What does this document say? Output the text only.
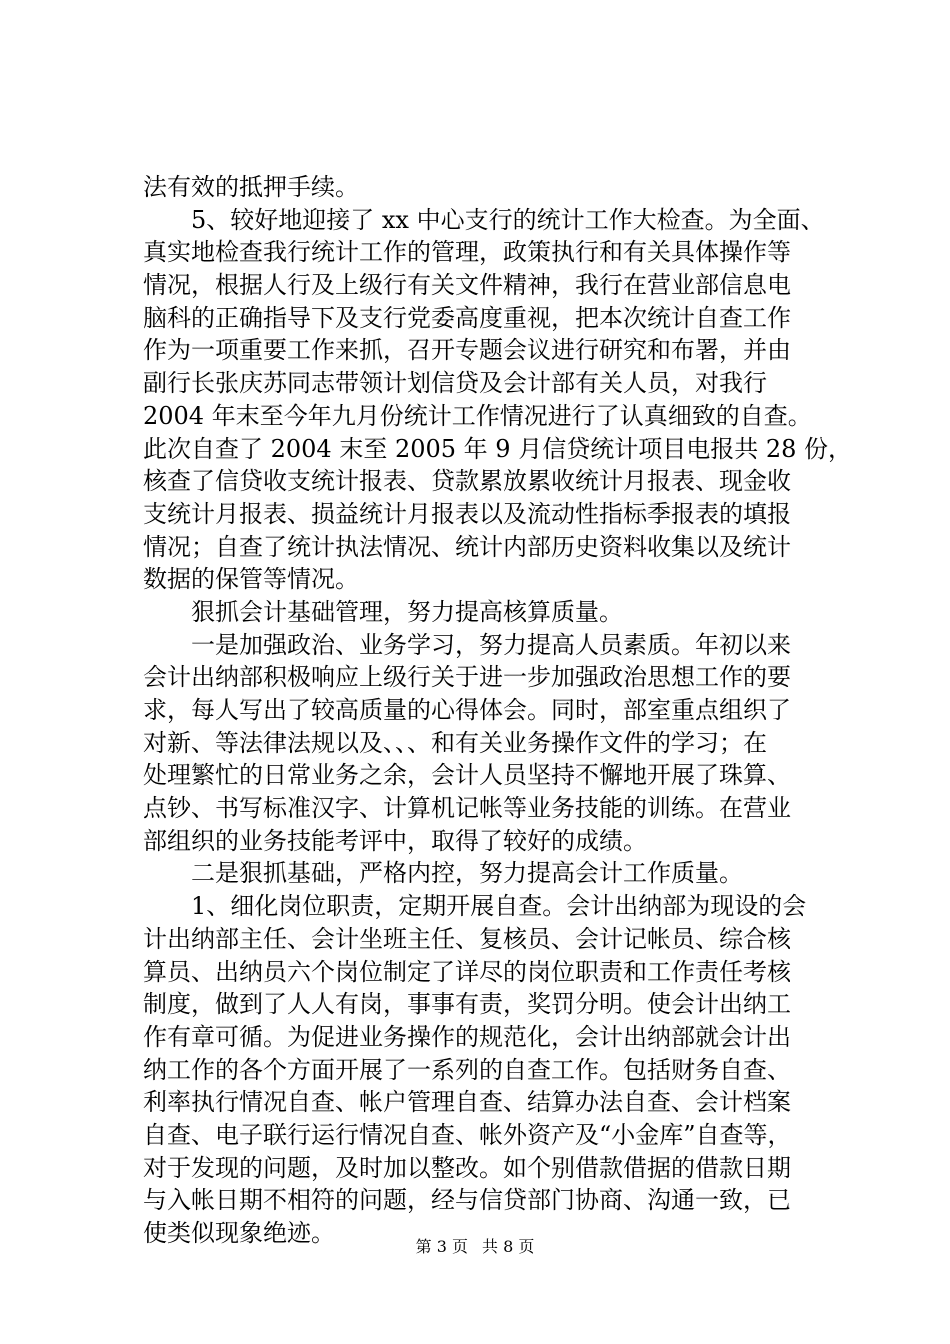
法有效的抵押手续。
5、较好地迎接了 xx 中心支行的统计工作大检查。为全面、
真实地检查我行统计工作的管理，政策执行和有关具体操作等
情况，根据人行及上级行有关文件精神，我行在营业部信息电
脑科的正确指导下及支行党委高度重视，把本次统计自查工作
作为一项重要工作来抓，召开专题会议进行研究和布署，并由
副行长张庆苏同志带领计划信贷及会计部有关人员，对我行
2004 年末至今年九月份统计工作情况进行了认真细致的自查。
此次自查了 2004 末至 2005 年 9 月信贷统计项目电报共 28 份，
核查了信贷收支统计报表、贷款累放累收统计月报表、现金收
支统计月报表、损益统计月报表以及流动性指标季报表的填报
情况；自查了统计执法情况、统计内部历史资料收集以及统计
数据的保管等情况。
狠抓会计基础管理，努力提高核算质量。
一是加强政治、业务学习，努力提高人员素质。年初以来
会计出纳部积极响应上级行关于进一步加强政治思想工作的要
求，每人写出了较高质量的心得体会。同时，部室重点组织了
对新、等法律法规以及、、、和有关业务操作文件的学习；在
处理繁忙的日常业务之余，会计人员坚持不懈地开展了珠算、
点钞、书写标准汉字、计算机记帐等业务技能的训练。在营业
部组织的业务技能考评中，取得了较好的成绩。
二是狠抓基础，严格内控，努力提高会计工作质量。
1、细化岗位职责，定期开展自查。会计出纳部为现设的会
计出纳部主任、会计坐班主任、复核员、会计记帐员、综合核
算员、出纳员六个岗位制定了详尽的岗位职责和工作责任考核
制度，做到了人人有岗，事事有责，奖罚分明。使会计出纳工
作有章可循。为促进业务操作的规范化，会计出纳部就会计出
纳工作的各个方面开展了一系列的自查工作。包括财务自查、
利率执行情况自查、帐户管理自查、结算办法自查、会计档案
自查、电子联行运行情况自查、帐外资产及“小金库”自查等，
对于发现的问题，及时加以整改。如个别借款借据的借款日期
与入帐日期不相符的问题，经与信贷部门协商、沟通一致，已
使类似现象绝迹。	第 3 页 共 8 页
